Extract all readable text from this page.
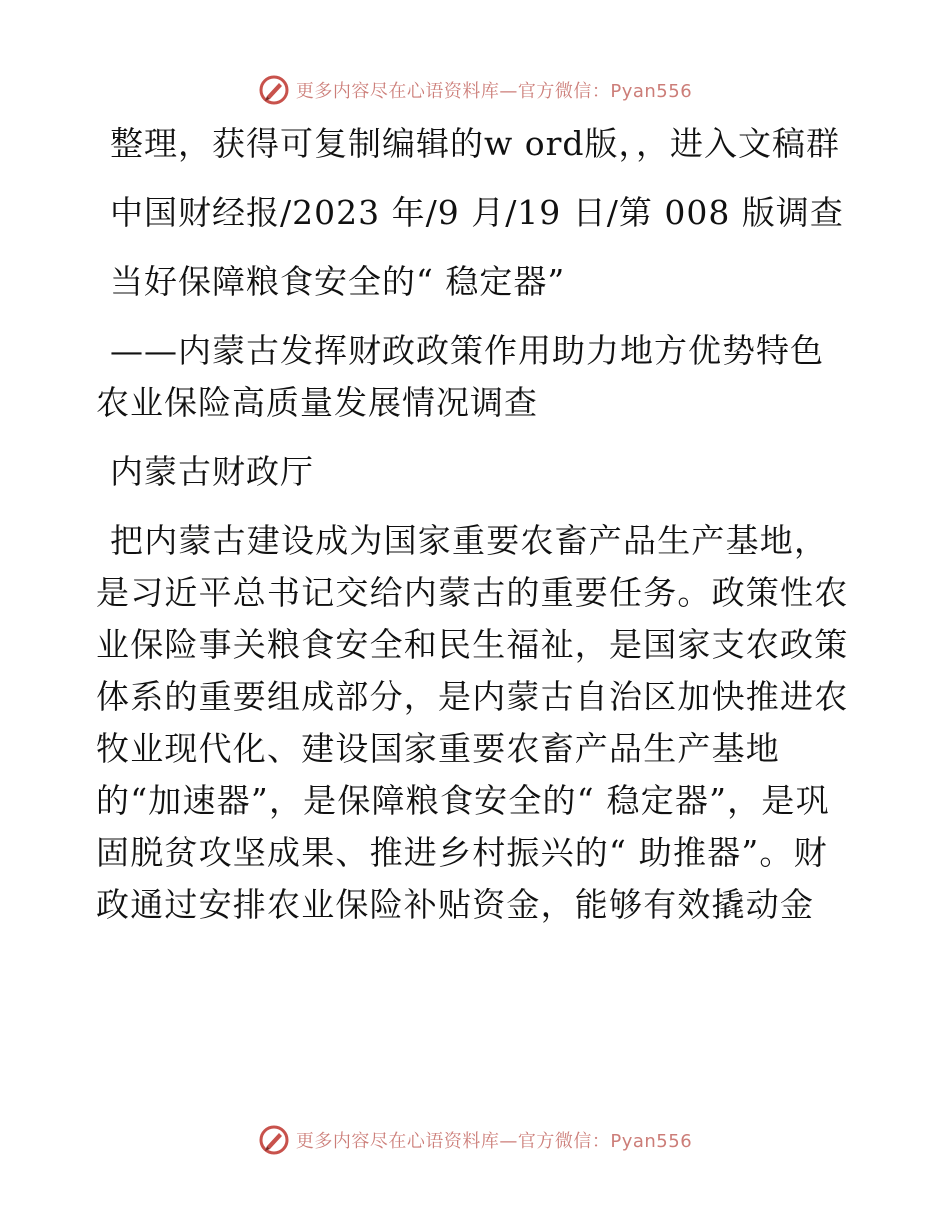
更多内容尽在心语资料库—官方微信：Pyan556

整理，获得可复制编辑的w ord版，，进入文稿群

中国财经报/2023 年/9 月/19 日/第 008 版调查

当好保障粮食安全的“ 稳定器”

——内蒙古发挥财政政策作用助力地方优势特色农业保险高质量发展情况调查

内蒙古财政厅

把内蒙古建设成为国家重要农畜产品生产基地，是习近平总书记交给内蒙古的重要任务。政策性农业保险事关粮食安全和民生福祉，是国家支农政策体系的重要组成部分，是内蒙古自治区加快推进农牧业现代化、建设国家重要农畜产品生产基地的“加速器”，是保障粮食安全的“ 稳定器”，是巩固脱贫攻坚成果、推进乡村振兴的“ 助推器”。财政通过安排农业保险补贴资金，能够有效撬动金

更多内容尽在心语资料库—官方微信：Pyan556
